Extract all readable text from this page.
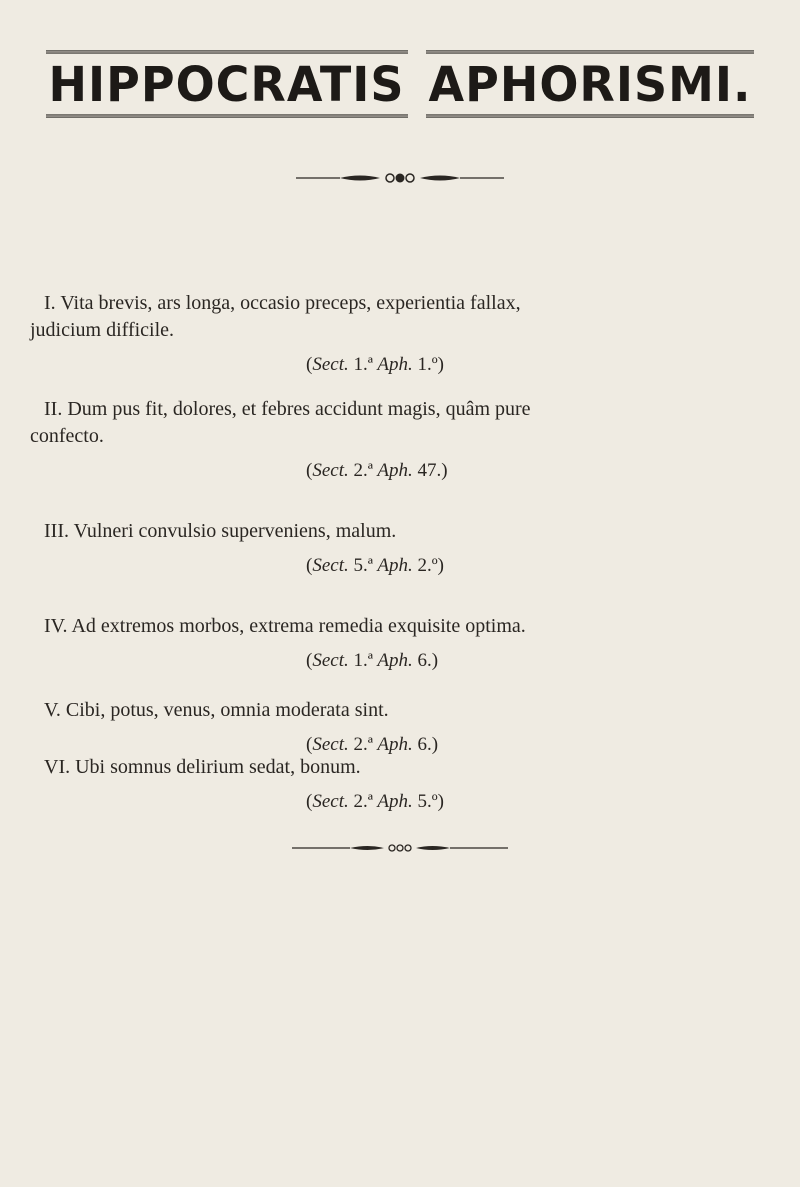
HIPPOCRATIS APHORISMI.
I. Vita brevis, ars longa, occasio preceps, experientia fallax,
judicium difficile.
(Sect. 1.ª Aph. 1.º)
II. Dum pus fit, dolores, et febres accidunt magis, quâm pure
confecto.
(Sect. 2.ª Aph. 47.)
III. Vulneri convulsio superveniens, malum.
(Sect. 5.ª Aph. 2.º)
IV. Ad extremos morbos, extrema remedia exquisite optima.
(Sect. 1.ª Aph. 6.)
V. Cibi, potus, venus, omnia moderata sint.
(Sect. 2.ª Aph. 6.)
VI. Ubi somnus delirium sedat, bonum.
(Sect. 2.ª Aph. 5.º)
